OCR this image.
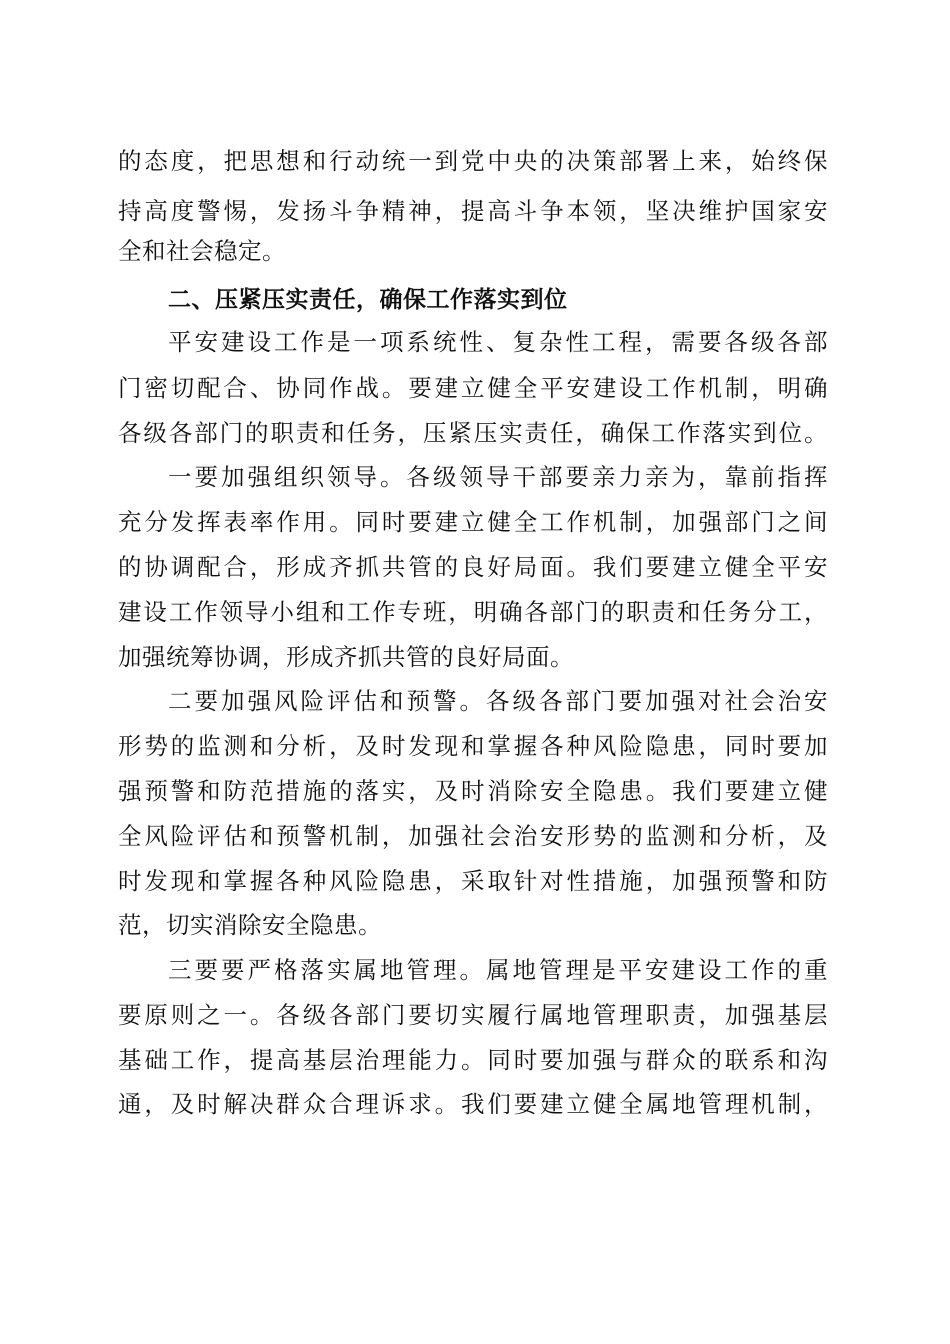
的态度，把思想和行动统一到党中央的决策部署上来，始终保
持高度警惕，发扬斗争精神，提高斗争本领，坚决维护国家安
全和社会稳定。
二、压紧压实责任，确保工作落实到位
平安建设工作是一项系统性、复杂性工程，需要各级各部
门密切配合、协同作战。要建立健全平安建设工作机制，明确
各级各部门的职责和任务，压紧压实责任，确保工作落实到位。
一要加强组织领导。各级领导干部要亲力亲为，靠前指挥
充分发挥表率作用。同时要建立健全工作机制，加强部门之间
的协调配合，形成齐抓共管的良好局面。我们要建立健全平安
建设工作领导小组和工作专班，明确各部门的职责和任务分工，
加强统筹协调，形成齐抓共管的良好局面。
二要加强风险评估和预警。各级各部门要加强对社会治安
形势的监测和分析，及时发现和掌握各种风险隐患，同时要加
强预警和防范措施的落实，及时消除安全隐患。我们要建立健
全风险评估和预警机制，加强社会治安形势的监测和分析，及
时发现和掌握各种风险隐患，采取针对性措施，加强预警和防
范，切实消除安全隐患。
三要要严格落实属地管理。属地管理是平安建设工作的重
要原则之一。各级各部门要切实履行属地管理职责，加强基层
基础工作，提高基层治理能力。同时要加强与群众的联系和沟
通，及时解决群众合理诉求。我们要建立健全属地管理机制，
